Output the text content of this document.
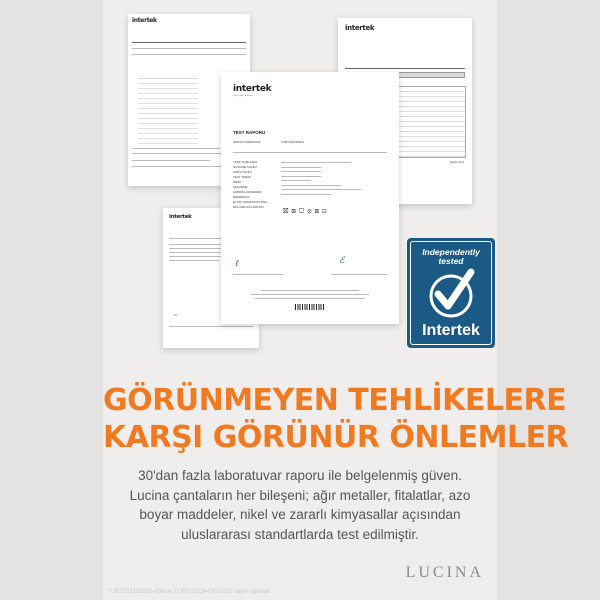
intertek
intertek
Sayfa 1/11
intertek
~
intertek
Total Quality. Assured.
TEST RAPORU
RAPOR NUMARASI:	TURT231136064
TEST NUMUNESİ
NUMUNE TARİHİ
GİRİŞ TARİHİ
TEST TARİHİ
RENK
MALZEME
FABRİKA AD/ADRES
REFERANS
ELYAF KOMPOZİSYONU
BULUNDUĞU BÖLÜM
⛝⊠▢⊗⊠⊡
ℓ	ℰ
Independently
tested
Intertek
GÖRÜNMEYEN TEHLİKELERE
KARŞI GÖRÜNÜR ÖNLEMLER
30'dan fazla laboratuvar raporu ile belgelenmiş güven. Lucina çantaların her bileşeni; ağır metaller, fitalatlar, azo boyar maddeler, nikel ve zararlı kimyasallar açısından uluslararası standartlarda test edilmiştir.
LUCINA
TURT251138835-008 ve TURT251344202-225 sayılı raporlar
